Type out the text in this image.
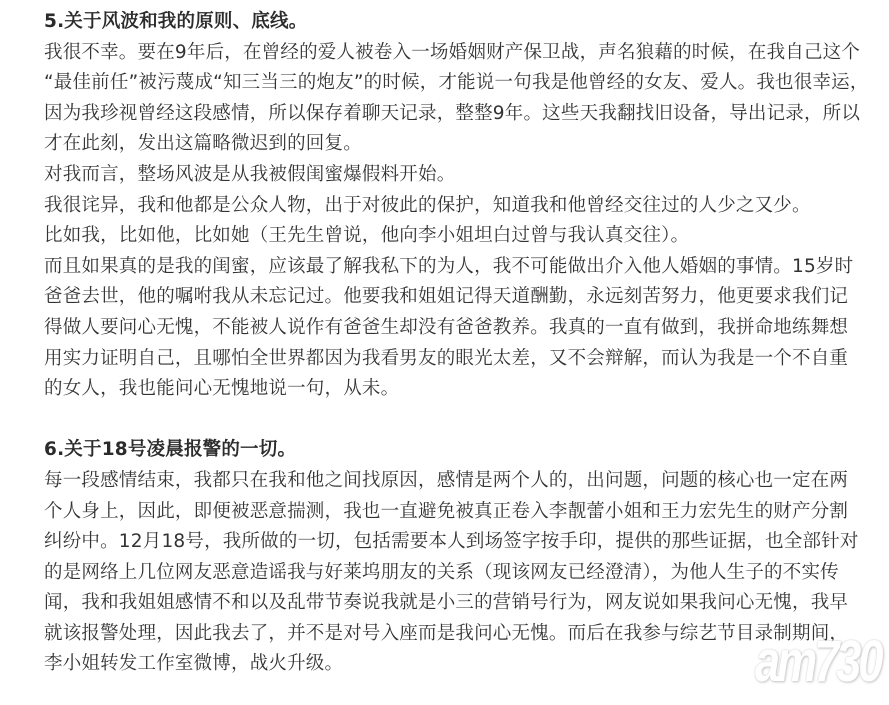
5.关于风波和我的原则、底线。
我很不幸。要在9年后，在曾经的爱人被卷入一场婚姻财产保卫战，声名狼藉的时候，在我自己这个
“最佳前任”被污蔑成“知三当三的炮友”的时候，才能说一句我是他曾经的女友、爱人。我也很幸运，
因为我珍视曾经这段感情，所以保存着聊天记录，整整9年。这些天我翻找旧设备，导出记录，所以
才在此刻，发出这篇略微迟到的回复。
对我而言，整场风波是从我被假闺蜜爆假料开始。
我很诧异，我和他都是公众人物，出于对彼此的保护，知道我和他曾经交往过的人少之又少。
比如我，比如他，比如她（王先生曾说，他向李小姐坦白过曾与我认真交往）。
而且如果真的是我的闺蜜，应该最了解我私下的为人，我不可能做出介入他人婚姻的事情。15岁时
爸爸去世，他的嘱咐我从未忘记过。他要我和姐姐记得天道酬勤，永远刻苦努力，他更要求我们记
得做人要问心无愧，不能被人说作有爸爸生却没有爸爸教养。我真的一直有做到，我拼命地练舞想
用实力证明自己，且哪怕全世界都因为我看男友的眼光太差，又不会辩解，而认为我是一个不自重
的女人，我也能问心无愧地说一句，从未。
6.关于18号凌晨报警的一切。
每一段感情结束，我都只在我和他之间找原因，感情是两个人的，出问题，问题的核心也一定在两
个人身上，因此，即便被恶意揣测，我也一直避免被真正卷入李靓蕾小姐和王力宏先生的财产分割
纠纷中。12月18号，我所做的一切，包括需要本人到场签字按手印，提供的那些证据，也全部针对
的是网络上几位网友恶意造谣我与好莱坞朋友的关系（现该网友已经澄清），为他人生子的不实传
闻，我和我姐姐感情不和以及乱带节奏说我就是小三的营销号行为，网友说如果我问心无愧，我早
就该报警处理，因此我去了，并不是对号入座而是我问心无愧。而后在我参与综艺节目录制期间，
李小姐转发工作室微博，战火升级。	am730
